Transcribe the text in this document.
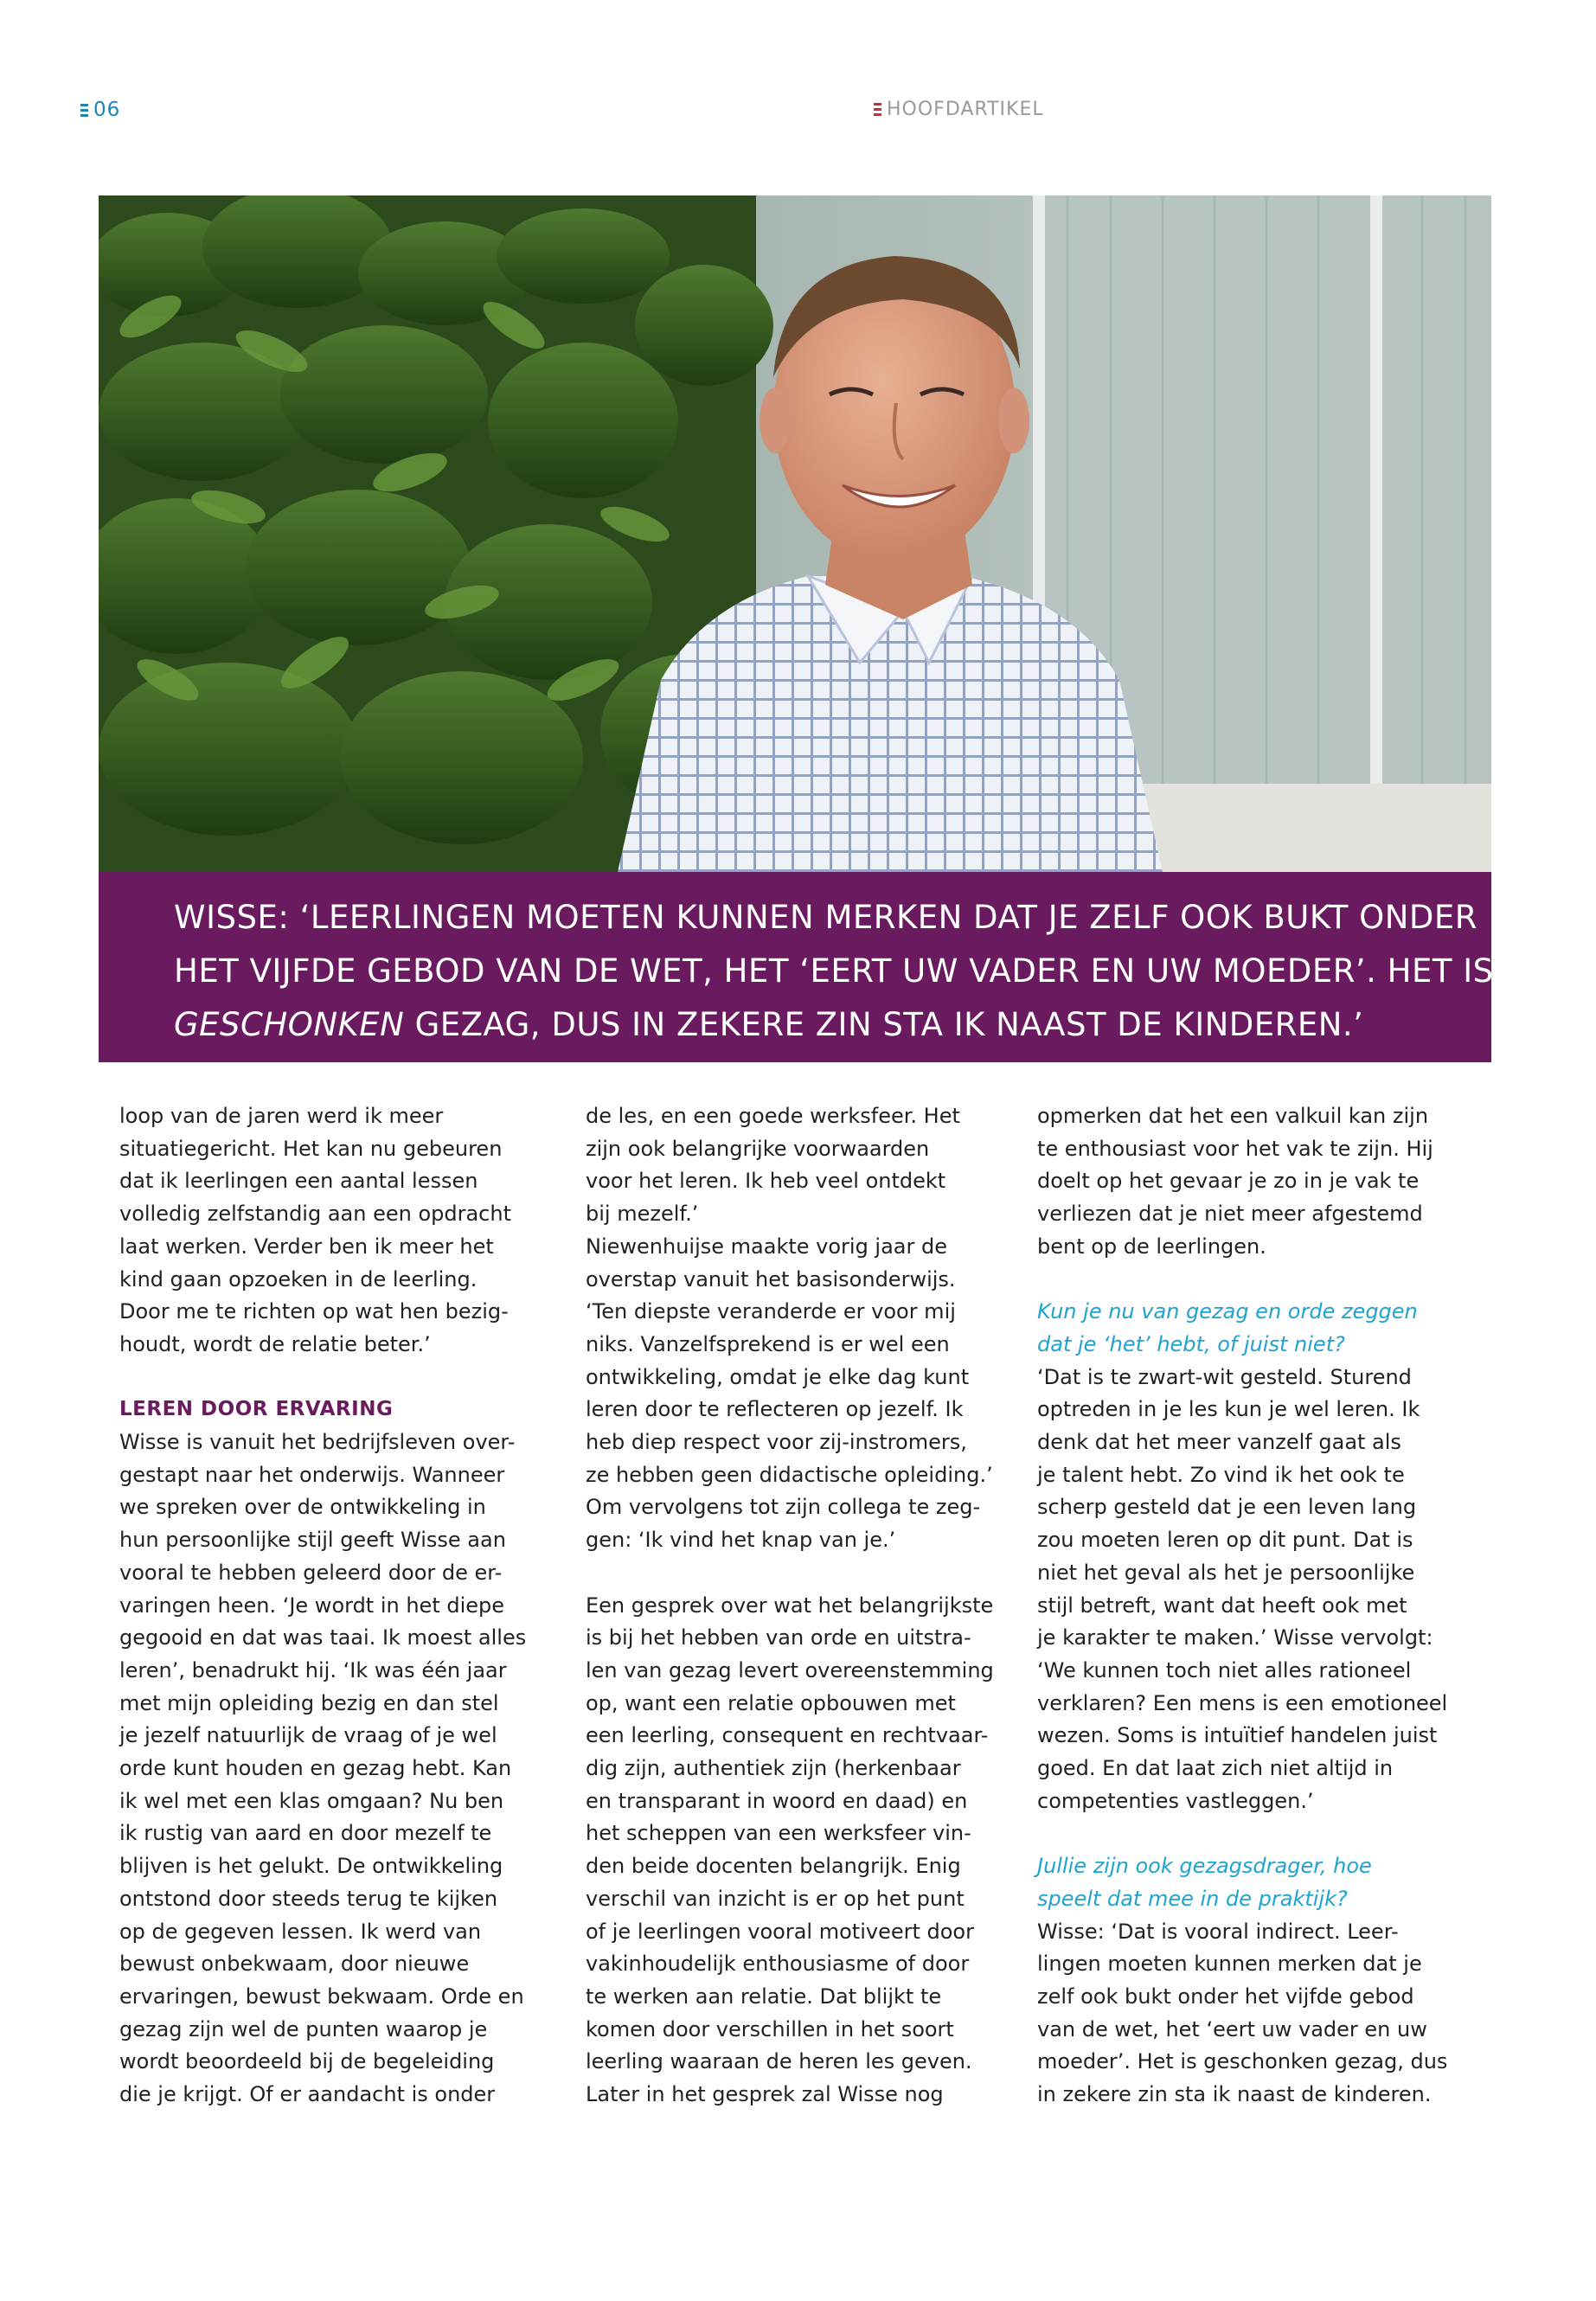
06	HOOFDARTIKEL

WISSE: ‘LEERLINGEN MOETEN KUNNEN MERKEN DAT JE ZELF OOK BUKT ONDER

HET VIJFDE GEBOD VAN DE WET, HET ‘EERT UW VADER EN UW MOEDER’. HET IS

GESCHONKEN GEZAG, DUS IN ZEKERE ZIN STA IK NAAST DE KINDEREN.’

loop van de jaren werd ik meer

situatiegericht. Het kan nu gebeuren

dat ik leerlingen een aantal lessen

volledig zelfstandig aan een opdracht

laat werken. Verder ben ik meer het

kind gaan opzoeken in de leerling.

Door me te richten op wat hen bezig-

houdt, wordt de relatie beter.’

LEREN DOOR ERVARING

Wisse is vanuit het bedrijfsleven over-

gestapt naar het onderwijs. Wanneer

we spreken over de ontwikkeling in

hun persoonlijke stijl geeft Wisse aan

vooral te hebben geleerd door de er-

varingen heen. ‘Je wordt in het diepe

gegooid en dat was taai. Ik moest alles

leren’, benadrukt hij. ‘Ik was één jaar

met mijn opleiding bezig en dan stel

je jezelf natuurlijk de vraag of je wel

orde kunt houden en gezag hebt. Kan

ik wel met een klas omgaan? Nu ben

ik rustig van aard en door mezelf te

blijven is het gelukt. De ontwikkeling

ontstond door steeds terug te kijken

op de gegeven lessen. Ik werd van

bewust onbekwaam, door nieuwe

ervaringen, bewust bekwaam. Orde en

gezag zijn wel de punten waarop je

wordt beoordeeld bij de begeleiding

die je krijgt. Of er aandacht is onder

de les, en een goede werksfeer. Het

zijn ook belangrijke voorwaarden

voor het leren. Ik heb veel ontdekt

bij mezelf.’

Niewenhuijse maakte vorig jaar de

overstap vanuit het basisonderwijs.

‘Ten diepste veranderde er voor mij

niks. Vanzelfsprekend is er wel een

ontwikkeling, omdat je elke dag kunt

leren door te reflecteren op jezelf. Ik

heb diep respect voor zij-instromers,

ze hebben geen didactische opleiding.’

Om vervolgens tot zijn collega te zeg-

gen: ‘Ik vind het knap van je.’

Een gesprek over wat het belangrijkste

is bij het hebben van orde en uitstra-

len van gezag levert overeenstemming

op, want een relatie opbouwen met

een leerling, consequent en rechtvaar-

dig zijn, authentiek zijn (herkenbaar

en transparant in woord en daad) en

het scheppen van een werksfeer vin-

den beide docenten belangrijk. Enig

verschil van inzicht is er op het punt

of je leerlingen vooral motiveert door

vakinhoudelijk enthousiasme of door

te werken aan relatie. Dat blijkt te

komen door verschillen in het soort

leerling waaraan de heren les geven.

Later in het gesprek zal Wisse nog

opmerken dat het een valkuil kan zijn

te enthousiast voor het vak te zijn. Hij

doelt op het gevaar je zo in je vak te

verliezen dat je niet meer afgestemd

bent op de leerlingen.

Kun je nu van gezag en orde zeggen

dat je ‘het’ hebt, of juist niet?

‘Dat is te zwart-wit gesteld. Sturend

optreden in je les kun je wel leren. Ik

denk dat het meer vanzelf gaat als

je talent hebt. Zo vind ik het ook te

scherp gesteld dat je een leven lang

zou moeten leren op dit punt. Dat is

niet het geval als het je persoonlijke

stijl betreft, want dat heeft ook met

je karakter te maken.’ Wisse vervolgt:

‘We kunnen toch niet alles rationeel

verklaren? Een mens is een emotioneel

wezen. Soms is intuïtief handelen juist

goed. En dat laat zich niet altijd in

competenties vastleggen.’

Jullie zijn ook gezagsdrager, hoe

speelt dat mee in de praktijk?

Wisse: ‘Dat is vooral indirect. Leer-

lingen moeten kunnen merken dat je

zelf ook bukt onder het vijfde gebod

van de wet, het ‘eert uw vader en uw

moeder’. Het is geschonken gezag, dus

in zekere zin sta ik naast de kinderen.
